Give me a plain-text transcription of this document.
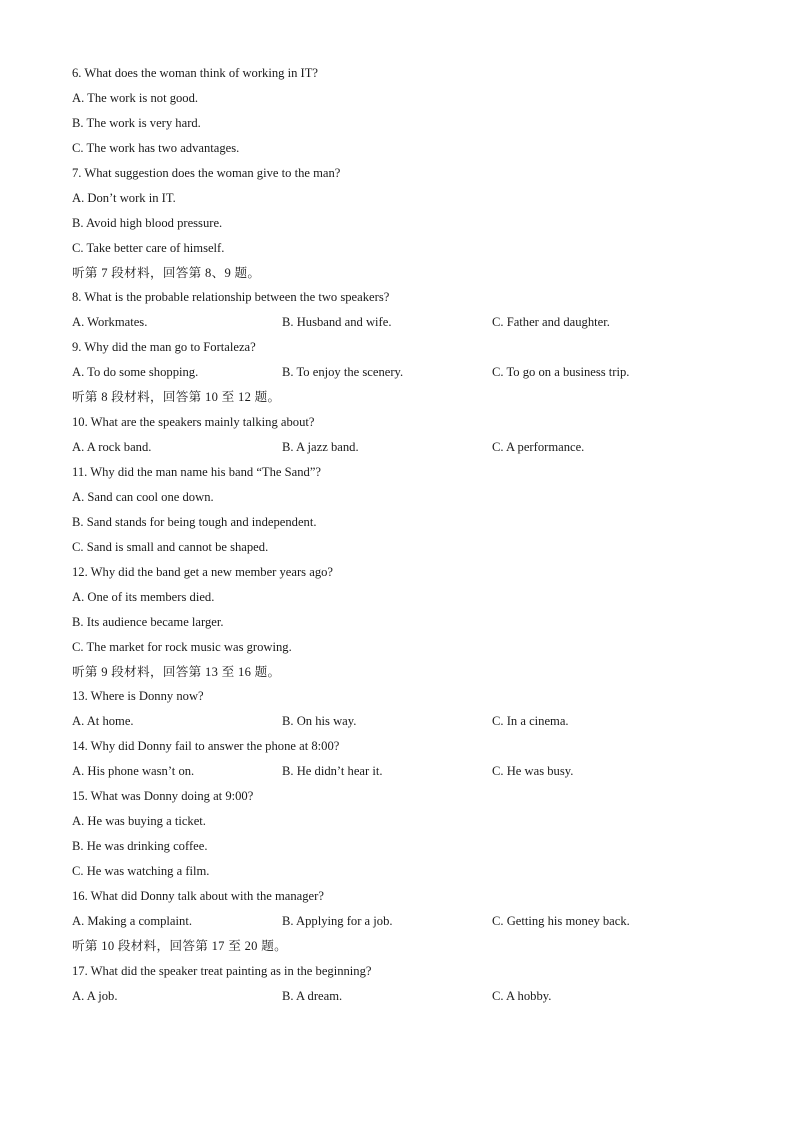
6. What does the woman think of working in IT?
A. The work is not good.
B. The work is very hard.
C. The work has two advantages.
7. What suggestion does the woman give to the man?
A. Don’t work in IT.
B. Avoid high blood pressure.
C. Take better care of himself.
听第 7 段材料，回答第 8、9 题。
8. What is the probable relationship between the two speakers?
A. Workmates.	B. Husband and wife.	C. Father and daughter.
9. Why did the man go to Fortaleza?
A. To do some shopping.	B. To enjoy the scenery.	C. To go on a business trip.
听第 8 段材料，回答第 10 至 12 题。
10. What are the speakers mainly talking about?
A. A rock band.	B. A jazz band.	C. A performance.
11. Why did the man name his band “The Sand”?
A. Sand can cool one down.
B. Sand stands for being tough and independent.
C. Sand is small and cannot be shaped.
12. Why did the band get a new member years ago?
A. One of its members died.
B. Its audience became larger.
C. The market for rock music was growing.
听第 9 段材料，回答第 13 至 16 题。
13. Where is Donny now?
A. At home.	B. On his way.	C. In a cinema.
14. Why did Donny fail to answer the phone at 8:00?
A. His phone wasn’t on.	B. He didn’t hear it.	C. He was busy.
15. What was Donny doing at 9:00?
A. He was buying a ticket.
B. He was drinking coffee.
C. He was watching a film.
16. What did Donny talk about with the manager?
A. Making a complaint.	B. Applying for a job.	C. Getting his money back.
听第 10 段材料，回答第 17 至 20 题。
17. What did the speaker treat painting as in the beginning?
A. A job.	B. A dream.	C. A hobby.
